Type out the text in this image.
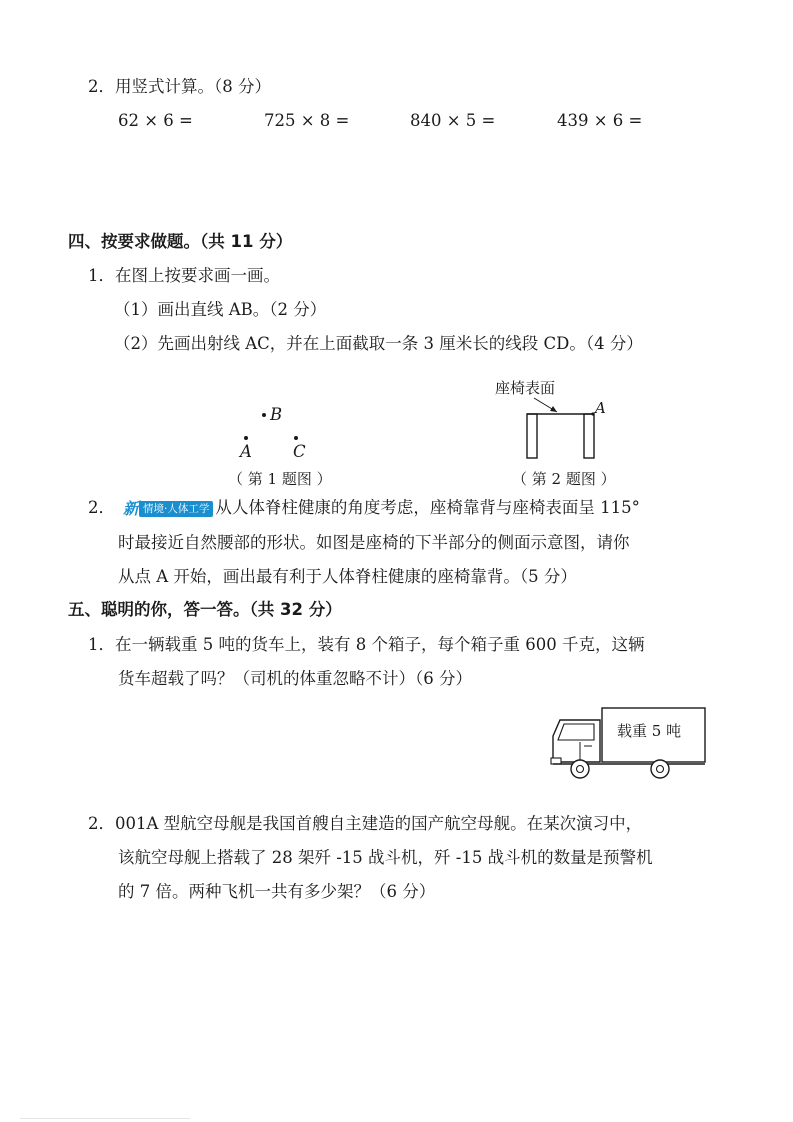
2．用竖式计算。（8 分）
62 × 6 =	725 × 8 =	840 × 5 =	439 × 6 =
四、按要求做题。（共 11 分）
1．在图上按要求画一画。
（1）画出直线 AB。（2 分）
（2）先画出射线 AC，并在上面截取一条 3 厘米长的线段 CD。（4 分）
B
A C
（ 第 1 题图 ）
座椅表面
A
（ 第 2 题图 ）
2． 新 情境·人体工学 从人体脊柱健康的角度考虑，座椅靠背与座椅表面呈 115°
时最接近自然腰部的形状。如图是座椅的下半部分的侧面示意图，请你
从点 A 开始，画出最有利于人体脊柱健康的座椅靠背。（5 分）
五、聪明的你，答一答。（共 32 分）
1．在一辆载重 5 吨的货车上，装有 8 个箱子，每个箱子重 600 千克，这辆
货车超载了吗？（司机的体重忽略不计）（6 分）
载重 5 吨
2．001A 型航空母舰是我国首艘自主建造的国产航空母舰。在某次演习中，
该航空母舰上搭载了 28 架歼 -15 战斗机，歼 -15 战斗机的数量是预警机
的 7 倍。两种飞机一共有多少架？（6 分）
